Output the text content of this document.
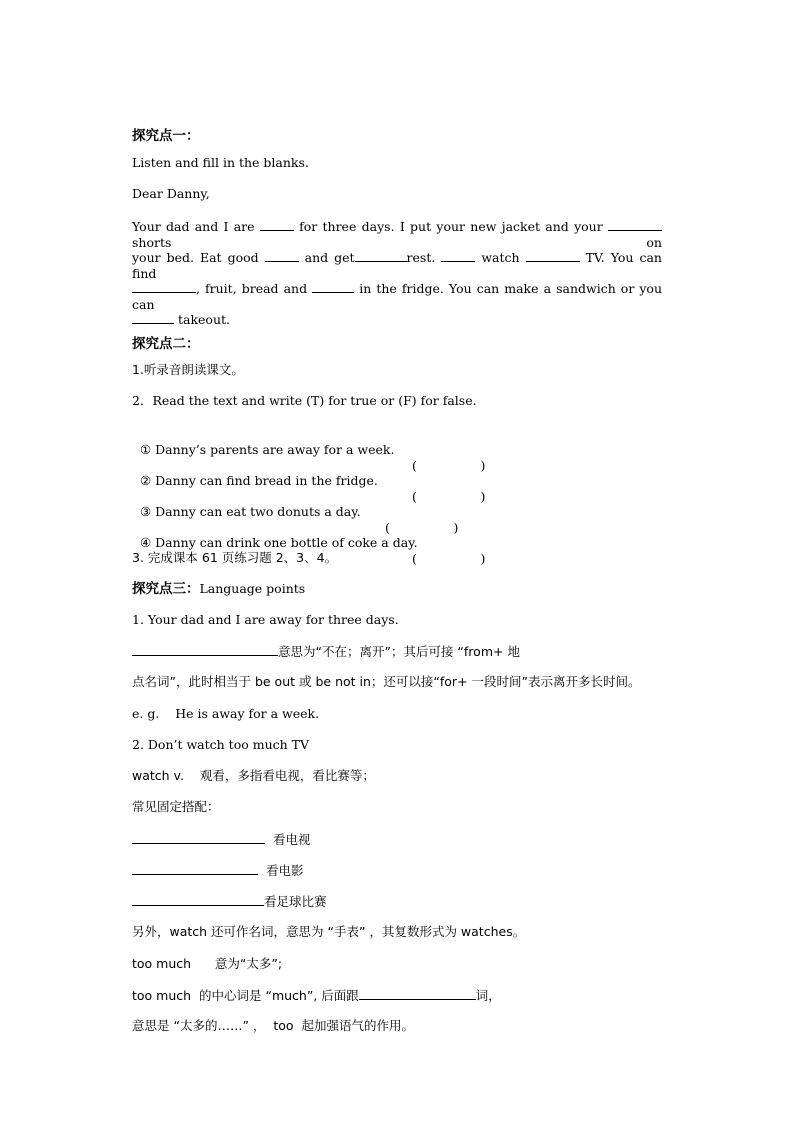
探究点一：
Listen and fill in the blanks.
Dear Danny,
Your dad and I are	for three days. I put your new jacket and your  shorts on
your bed. Eat good	and get	rest.	watch	TV. You can find
, fruit, bread and	in the fridge. You can make a sandwich or you can
takeout.
探究点二：
1.听录音朗读课文。
2．Read the text and write (T) for true or (F) for false.

① Danny’s parents are away for a week.

(                )

② Danny can find bread in the fridge.

(                )

③ Danny can eat two donuts a day.

(                )

④ Danny can drink one bottle of coke a day.

(                )

3. 完成课本 61 页练习题 2、3、4。
探究点三：Language points
1. Your dad and I are away for three days.
意思为“不在；离开”；其后可接 “from+ 地
点名词”，此时相当于 be out 或 be not in；还可以接“for+ 一段时间”表示离开多长时间。
e. g.    He is away for a week.
2. Don’t watch too much TV
watch v.    观看，多指看电视，看比赛等；
常见固定搭配：
看电视
看电影
看足球比赛
另外，watch 还可作名词，意思为 “手表” ，其复数形式为 watches。
too much      意为“太多”;
too much  的中心词是 “much”, 后面跟	词，
意思是 “太多的……” ，  too  起加强语气的作用。
